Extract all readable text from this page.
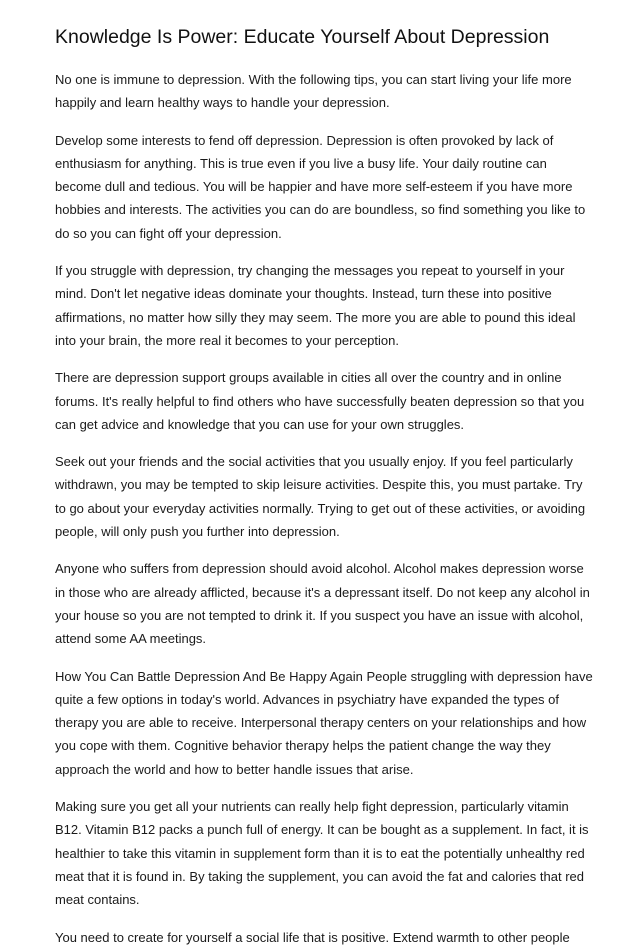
Knowledge Is Power: Educate Yourself About Depression

No one is immune to depression. With the following tips, you can start living your life more happily and learn healthy ways to handle your depression.

Develop some interests to fend off depression. Depression is often provoked by lack of enthusiasm for anything. This is true even if you live a busy life. Your daily routine can become dull and tedious. You will be happier and have more self-esteem if you have more hobbies and interests. The activities you can do are boundless, so find something you like to do so you can fight off your depression.

If you struggle with depression, try changing the messages you repeat to yourself in your mind. Don't let negative ideas dominate your thoughts. Instead, turn these into positive affirmations, no matter how silly they may seem. The more you are able to pound this ideal into your brain, the more real it becomes to your perception.

There are depression support groups available in cities all over the country and in online forums. It's really helpful to find others who have successfully beaten depression so that you can get advice and knowledge that you can use for your own struggles.

Seek out your friends and the social activities that you usually enjoy. If you feel particularly withdrawn, you may be tempted to skip leisure activities. Despite this, you must partake. Try to go about your everyday activities normally. Trying to get out of these activities, or avoiding people, will only push you further into depression.

Anyone who suffers from depression should avoid alcohol. Alcohol makes depression worse in those who are already afflicted, because it's a depressant itself. Do not keep any alcohol in your house so you are not tempted to drink it. If you suspect you have an issue with alcohol, attend some AA meetings.

How You Can Battle Depression And Be Happy Again People struggling with depression have quite a few options in today's world. Advances in psychiatry have expanded the types of therapy you are able to receive. Interpersonal therapy centers on your relationships and how you cope with them. Cognitive behavior therapy helps the patient change the way they approach the world and how to better handle issues that arise.

Making sure you get all your nutrients can really help fight depression, particularly vitamin B12. Vitamin B12 packs a punch full of energy. It can be bought as a supplement. In fact, it is healthier to take this vitamin in supplement form than it is to eat the potentially unhealthy red meat that it is found in. By taking the supplement, you can avoid the fat and calories that red meat contains.

You need to create for yourself a social life that is positive. Extend warmth to other people
